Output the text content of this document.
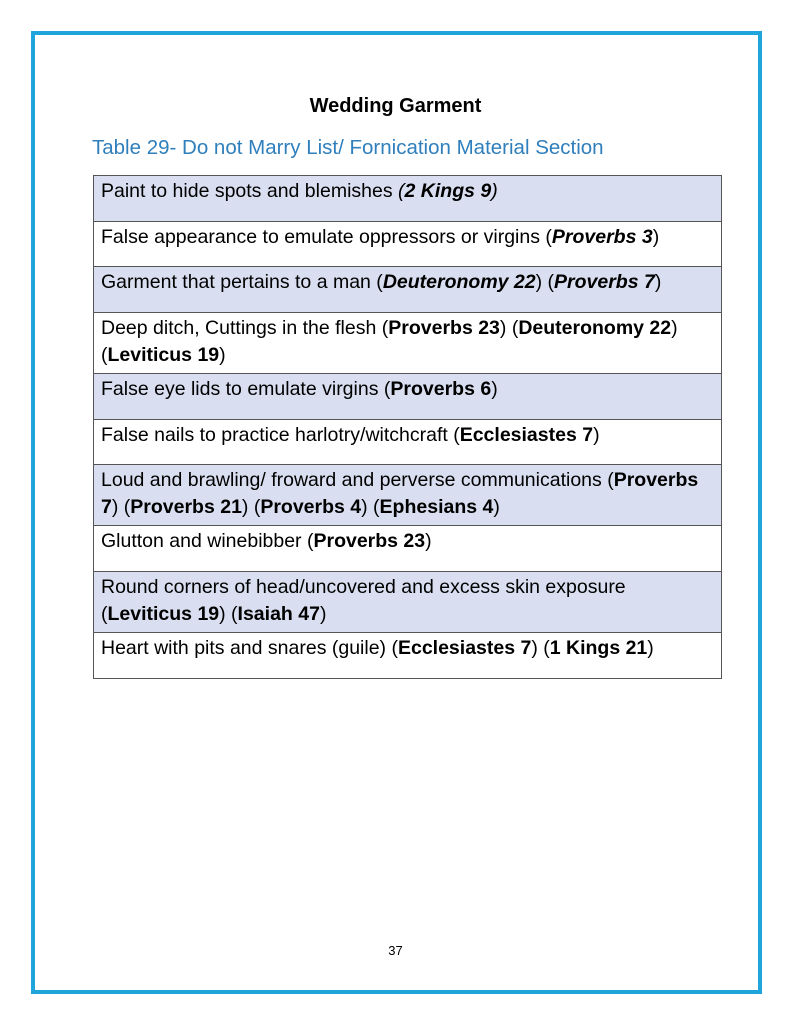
Wedding Garment
Table 29- Do not Marry List/ Fornication Material Section
Paint to hide spots and blemishes (2 Kings 9)
False appearance to emulate oppressors or virgins (Proverbs 3)
Garment that pertains to a man (Deuteronomy 22) (Proverbs 7)
Deep ditch, Cuttings in the flesh (Proverbs 23) (Deuteronomy 22) (Leviticus 19)
False eye lids to emulate virgins (Proverbs 6)
False nails to practice harlotry/witchcraft (Ecclesiastes 7)
Loud and brawling/ froward and perverse communications (Proverbs 7) (Proverbs 21) (Proverbs 4) (Ephesians 4)
Glutton and winebibber (Proverbs 23)
Round corners of head/uncovered and excess skin exposure (Leviticus 19) (Isaiah 47)
Heart with pits and snares (guile) (Ecclesiastes 7) (1 Kings 21)
37
